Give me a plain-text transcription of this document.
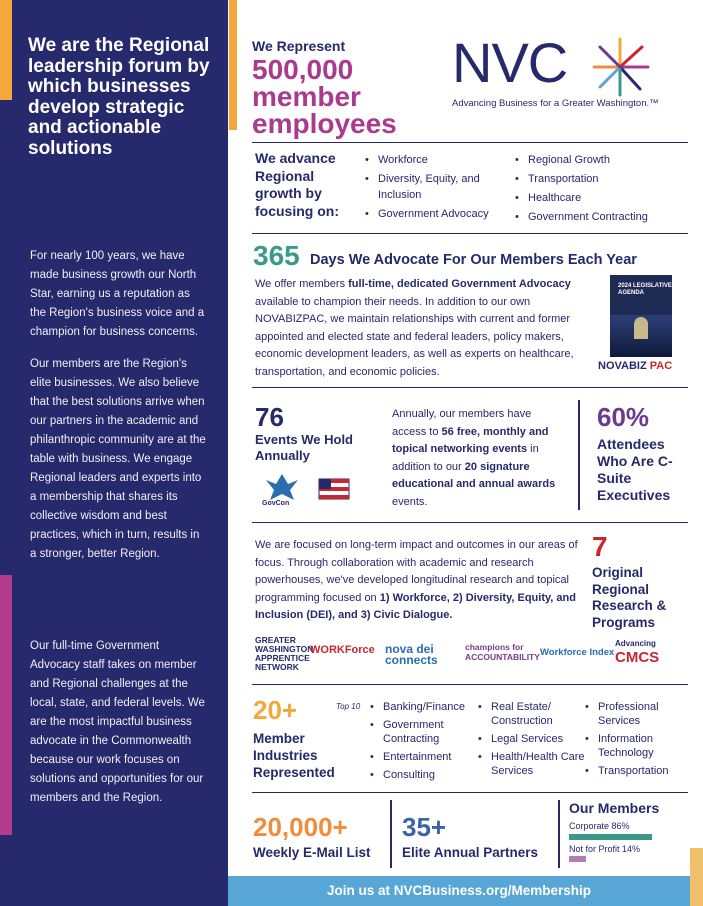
We are the Regional leadership forum by which businesses develop strategic and actionable solutions

For nearly 100 years, we have made business growth our North Star, earning us a reputation as the Region's business voice and a champion for business concerns.

Our members are the Region's elite businesses. We also believe that the best solutions arrive when our partners in the academic and philanthropic community are at the table with business. We engage Regional leaders and experts into a membership that shares its collective wisdom and best practices, which in turn, results in a stronger, better Region.

Our full-time Government Advocacy staff takes on member and Regional challenges at the local, state, and federal levels. We are the most impactful business advocate in the Commonwealth because our work focuses on solutions and opportunities for our members and the Region.

We Represent
500,000 member employees
NVC
Advancing Business for a Greater Washington.™
We advance Regional growth by focusing on:
• Workforce
• Diversity, Equity, and Inclusion
• Government Advocacy
• Regional Growth
• Transportation
• Healthcare
• Government Contracting
365 Days We Advocate For Our Members Each Year

We offer members full-time, dedicated Government Advocacy available to champion their needs. In addition to our own NOVABIZPAC, we maintain relationships with current and former appointed and elected state and federal leaders, policy makers, economic development leaders, as well as experts on healthcare, transportation, and economic policies.

2024 LEGISLATIVE AGENDA
NOVABIZ PAC
76
Events We Hold Annually
GovCon

Annually, our members have access to 56 free, monthly and topical networking events in addition to our 20 signature educational and annual awards events.

60%
Attendees Who Are C-Suite Executives

We are focused on long-term impact and outcomes in our areas of focus. Through collaboration with academic and research powerhouses, we've developed longitudinal research and topical programming focused on 1) Workforce, 2) Diversity, Equity, and Inclusion (DEI), and 3) Civic Dialogue.

7
Original Regional Research & Programs
GREATER WASHINGTON APPRENTICE NETWORK
WORKForce nova dei connects
champions for ACCOUNTABILITY Workforce Index
Advancing
CMCS
20+
Member Industries Represented
Top 10
•	Banking/Finance
• Government Contracting
• Entertainment
• Consulting
• Real Estate/ Construction
• Legal Services
• Health/Health Care Services
• Professional Services
• Information Technology
• Transportation
20,000+
Weekly E-Mail List
35+
Elite Annual Partners
Our Members
Corporate 86%
Not for Profit 14%
Join us at NVCBusiness.org/Membership
